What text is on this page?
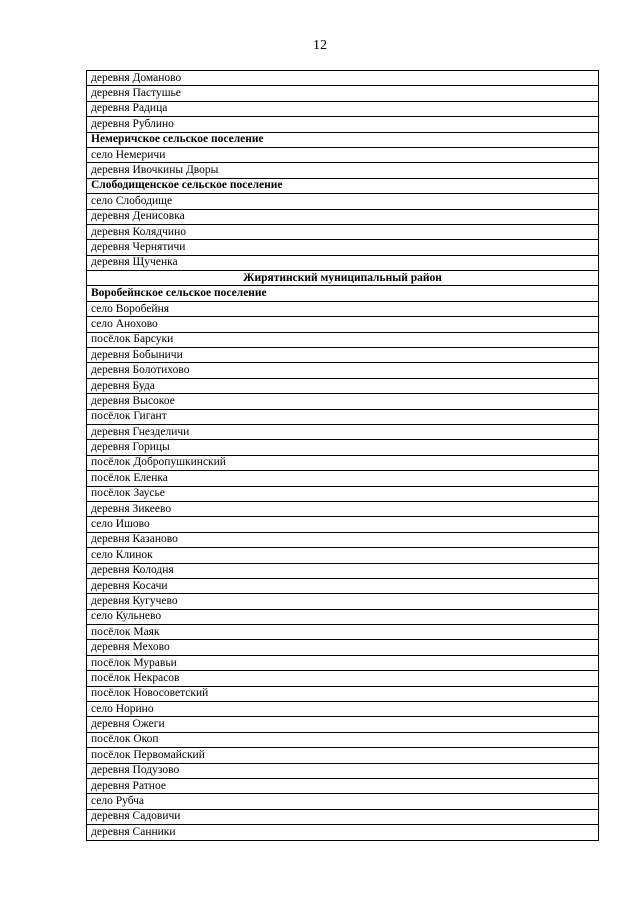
12
деревня Доманово
деревня Пастушье
деревня Радица
деревня Рублино
Немеричское сельское поселение
село Немеричи
деревня Ивочкины Дворы
Слободищенское сельское поселение
село Слободище
деревня Денисовка
деревня Колядчино
деревня Чернятичи
деревня Щученка
Жирятинский муниципальный район
Воробейнское сельское поселение
село Воробейня
село Анохово
посёлок Барсуки
деревня Бобыничи
деревня Болотихово
деревня Буда
деревня Высокое
посёлок Гигант
деревня Гнезделичи
деревня Горицы
посёлок Добропушкинский
посёлок Еленка
посёлок Заусье
деревня Зикеево
село Ишово
деревня Казаново
село Клинок
деревня Колодня
деревня Косачи
деревня Кугучево
село Кульнево
посёлок Маяк
деревня Мехово
посёлок Муравьи
посёлок Некрасов
посёлок Новосоветский
село Норино
деревня Ожеги
посёлок Окоп
посёлок Первомайский
деревня Подузово
деревня Ратное
село Рубча
деревня Садовичи
деревня Санники
